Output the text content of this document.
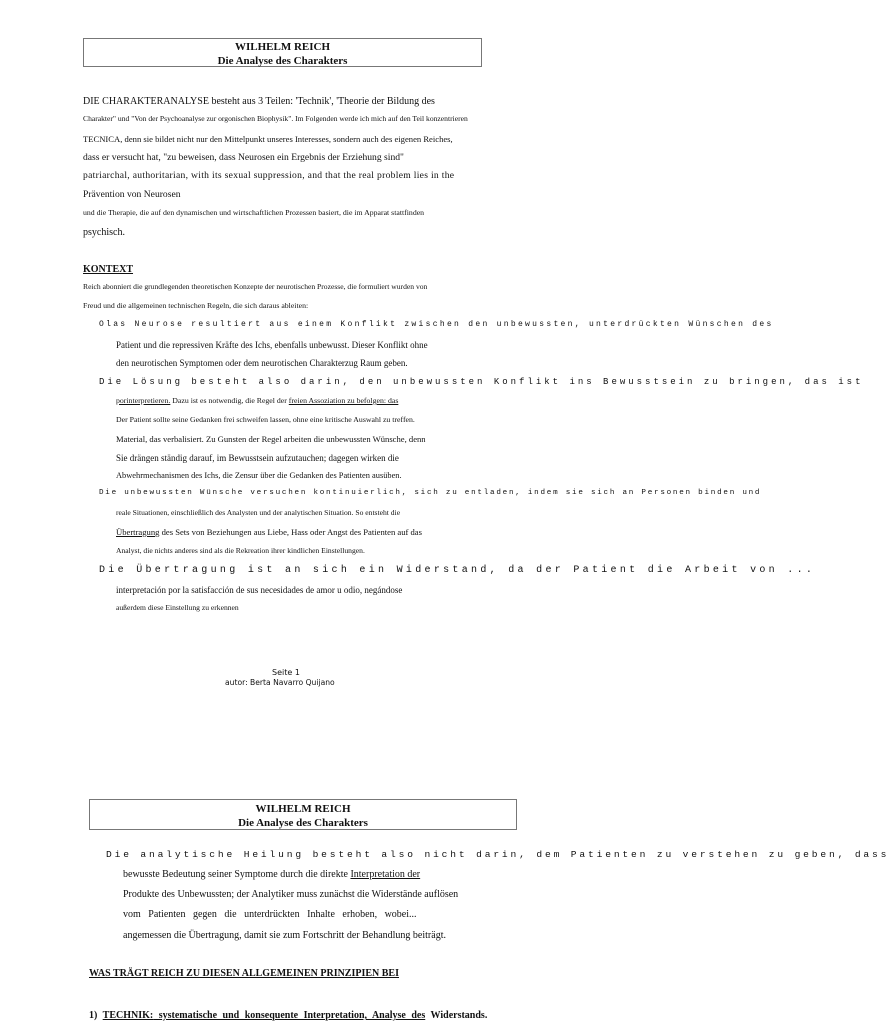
WILHELM REICH
Die Analyse des Charakters
DIE CHARAKTERANALYSE besteht aus 3 Teilen: 'Technik', 'Theorie der Bildung des
Charakter" und "Von der Psychoanalyse zur orgonischen Biophysik". Im Folgenden werde ich mich auf den Teil konzentrieren
TECNICA, denn sie bildet nicht nur den Mittelpunkt unseres Interesses, sondern auch des eigenen Reiches,
dass er versucht hat, "zu beweisen, dass Neurosen ein Ergebnis der Erziehung sind"
patriarchal, authoritarian, with its sexual suppression, and that the real problem lies in the
Prävention von Neurosen
und die Therapie, die auf den dynamischen und wirtschaftlichen Prozessen basiert, die im Apparat stattfinden
psychisch.
KONTEXT
Reich abonniert die grundlegenden theoretischen Konzepte der neurotischen Prozesse, die formuliert wurden von
Freud und die allgemeinen technischen Regeln, die sich daraus ableiten:
Olas Neurose resultiert aus einem Konflikt zwischen den unbewussten, unterdrückten Wünschen des
Patient und die repressiven Kräfte des Ichs, ebenfalls unbewusst. Dieser Konflikt ohne
den neurotischen Symptomen oder dem neurotischen Charakterzug Raum geben.
Die Lösung besteht also darin, den unbewussten Konflikt ins Bewusstsein zu bringen, das ist
porinterpretieren. Dazu ist es notwendig, die Regel der freien Assoziation zu befolgen: das
Der Patient sollte seine Gedanken frei schweifen lassen, ohne eine kritische Auswahl zu treffen.
Material, das verbalisiert. Zu Gunsten der Regel arbeiten die unbewussten Wünsche, denn
Sie drängen ständig darauf, im Bewusstsein aufzutauchen; dagegen wirken die
Abwehrmechanismen des Ichs, die Zensur über die Gedanken des Patienten ausüben.
Die unbewussten Wünsche versuchen kontinuierlich, sich zu entladen, indem sie sich an Personen binden und
reale Situationen, einschließlich des Analysten und der analytischen Situation. So entsteht die
Übertragung des Sets von Beziehungen aus Liebe, Hass oder Angst des Patienten auf das
Analyst, die nichts anderes sind als die Rekreation ihrer kindlichen Einstellungen.
Die Übertragung ist an sich ein Widerstand, da der Patient die Arbeit von ...
interpretación por la satisfacción de sus necesidades de amor u odio, negándose
außerdem diese Einstellung zu erkennen
Seite 1
autor: Berta Navarro Quijano
WILHELM REICH
Die Analyse des Charakters
Die analytische Heilung besteht also nicht darin, dem Patienten zu verstehen zu geben, dass
bewusste Bedeutung seiner Symptome durch die direkte Interpretation der
Produkte des Unbewussten; der Analytiker muss zunächst die Widerstände auflösen
vom Patienten gegen die unterdrückten Inhalte erhoben, wobei...
angemessen die Übertragung, damit sie zum Fortschritt der Behandlung beiträgt.
WAS TRÄGT REICH ZU DIESEN ALLGEMEINEN PRINZIPIEN BEI
1) TECHNIK: systematische und konsequente Interpretation, Analyse des Widerstands.
